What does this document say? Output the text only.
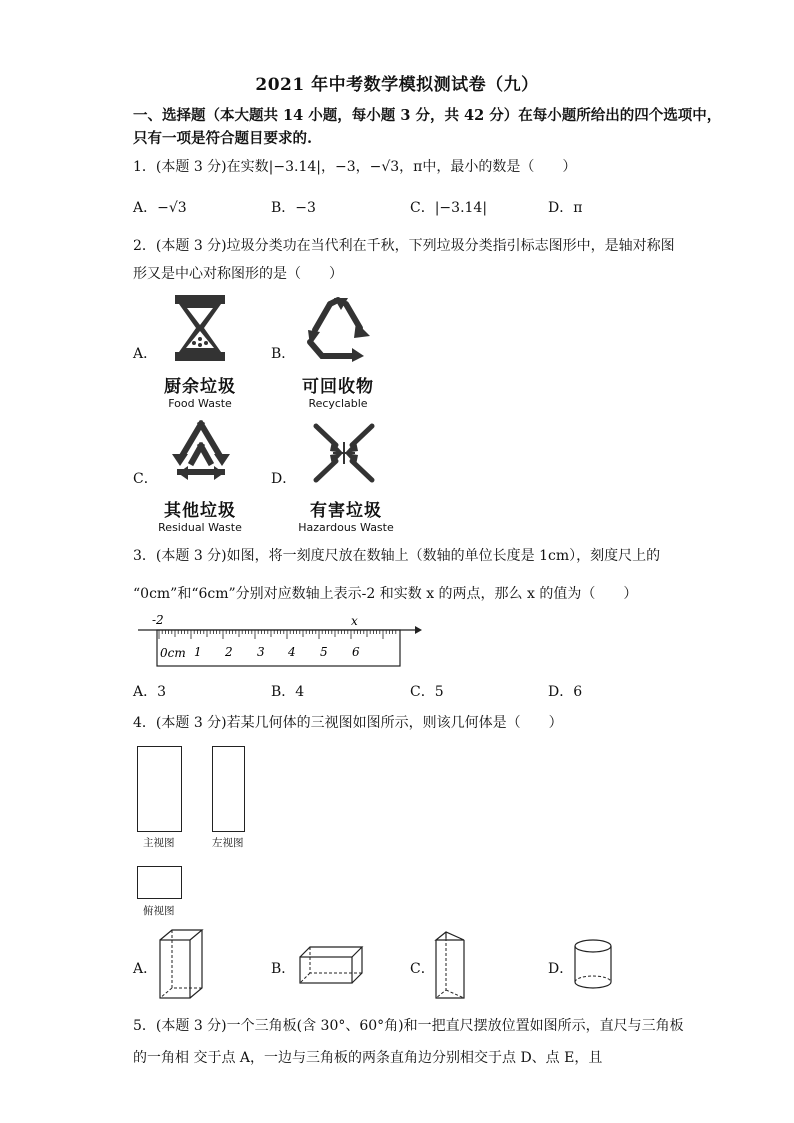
2021 年中考数学模拟测试卷（九）
一、选择题（本大题共 14 小题，每小题 3 分，共 42 分）在每小题所给出的四个选项中，
只有一项是符合题目要求的.
1．(本题 3 分)在实数|−3.14|，−3，−√3，π中，最小的数是（　　）
A．−√3	B．−3	C．|−3.14|	D．π
2．(本题 3 分)垃圾分类功在当代利在千秋，下列垃圾分类指引标志图形中，是轴对称图
形又是中心对称图形的是（　　）
A．	B．
C．	D．
厨余垃圾
Food Waste
可回收物
Recyclable
其他垃圾
Residual Waste
有害垃圾
Hazardous Waste
3．(本题 3 分)如图，将一刻度尺放在数轴上（数轴的单位长度是 1cm），刻度尺上的
“0cm”和“6cm”分别对应数轴上表示-2 和实数 x 的两点，那么 x 的值为（　　）
-2	x
0cm 1 2 3 4 5 6
A．3	B．4	C．5	D．6
4．(本题 3 分)若某几何体的三视图如图所示，则该几何体是（　　）
主视图	左视图
俯视图
A．	B．	C．	D．
5．(本题 3 分)一个三角板(含 30°、60°角)和一把直尺摆放位置如图所示，直尺与三角板
的一角相 交于点 A，一边与三角板的两条直角边分别相交于点 D、点 E，且
